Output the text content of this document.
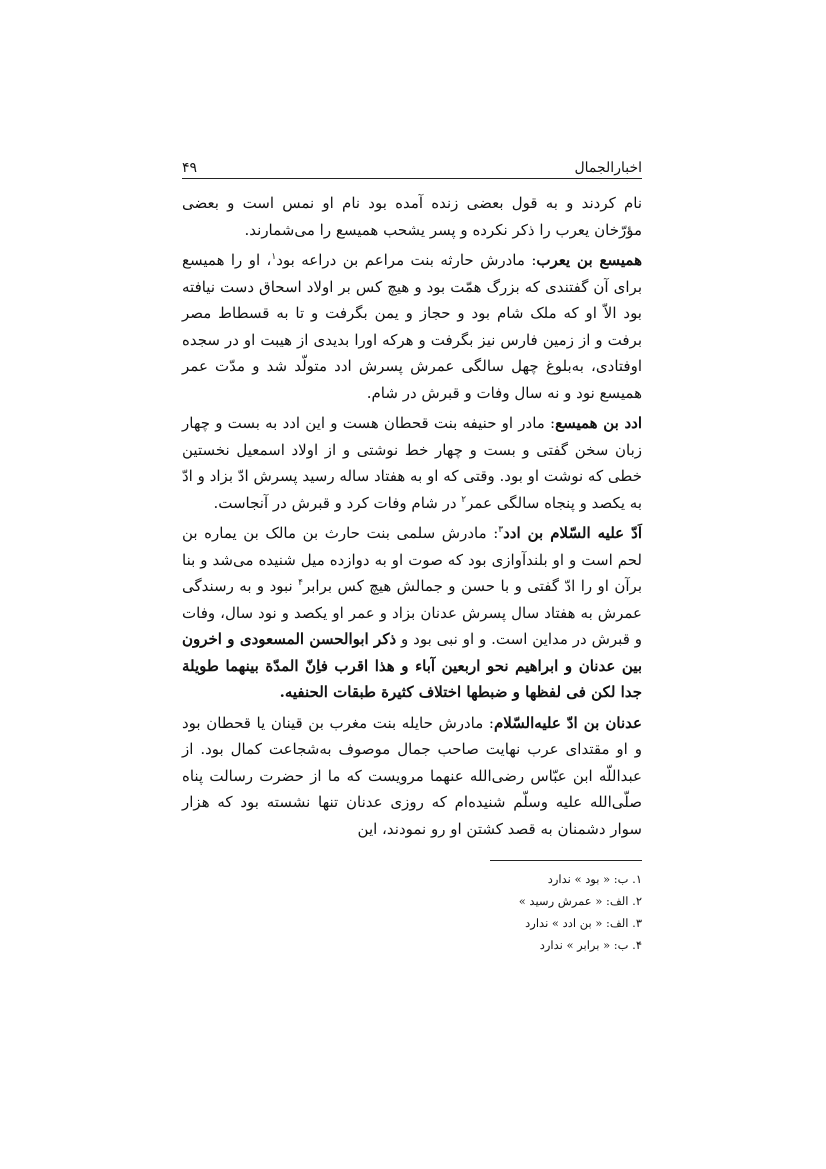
۴۹	اخبارالجمال

نام کردند و به قول بعضی زنده آمده بود نام او نمس است و بعضی مؤرّخان یعرب را ذکر نکرده و پسر یشحب همیسع را می‌شمارند.

همیسع بن یعرب: مادرش حارثه بنت مراعم بن دراعه بود$^۱$، او را همیسع برای آن گفتندی که بزرگ همّت بود و هیچ کس بر اولاد اسحاق دست نیافته بود الاّ او که ملک شام بود و حجاز و یمن بگرفت و تا به قسطاط مصر برفت و از زمین فارس نیز بگرفت و هرکه اورا بدیدی از هیبت او در سجده اوفتادی، به‌بلوغ چهل سالگی عمرش پسرش ادد متولّد شد و مدّت عمر همیسع نود و نه سال وفات و قبرش در شام.

ادد بن همیسع: مادر او حنیفه بنت قحطان هست و این ادد به بست و چهار زبان سخن گفتی و بست و چهار خط نوشتی و از اولاد اسمعیل نخستین خطی که نوشت او بود. وقتی که او به هفتاد ساله رسید پسرش ادّ بزاد و ادّ به یکصد و پنجاه سالگی عمر$^۲$ در شام وفات کرد و قبرش در آنجاست.

اَدّ علیه السّلام بن ادد$^۳$: مادرش سلمی بنت حارث بن مالک بن یماره بن لحم است و او بلندآوازی بود که صوت او به دوازده میل شنیده می‌شد و بنا برآن او را ادّ گفتی و با حسن و جمالش هیچ کس برابر$^۴$ نبود و به رسندگی عمرش به هفتاد سال پسرش عدنان بزاد و عمر او یکصد و نود سال، وفات و قبرش در مداین است. و او نبی بود و ذکر ابوالحسن المسعودی و اخرون بین عدنان و ابراهیم نحو اربعین آباء و هذا اقرب فاِنّ المدّة بینهما طویلة جدا لکن فی لفظها و ضبطها اختلاف کثیرة طبقات الحنفیه.

عدنان بن ادّ علیه‌السّلام: مادرش حایله بنت مغرب بن قینان یا قحطان بود و او مقتدای عرب نهایت صاحب جمال موصوف به‌شجاعت کمال بود. از عبداللّه ابن عبّاس رضی‌الله عنهما مرویست که ما از حضرت رسالت پناه صلّی‌الله علیه وسلّم شنیده‌ام که روزی عدنان تنها نشسته بود که هزار سوار دشمنان به قصد کشتن او رو نمودند، این

۱. ب: « بود » ندارد
۲. الف: « عمرش رسید »
۳. الف: « بن ادد » ندارد
۴. ب: « برابر » ندارد
